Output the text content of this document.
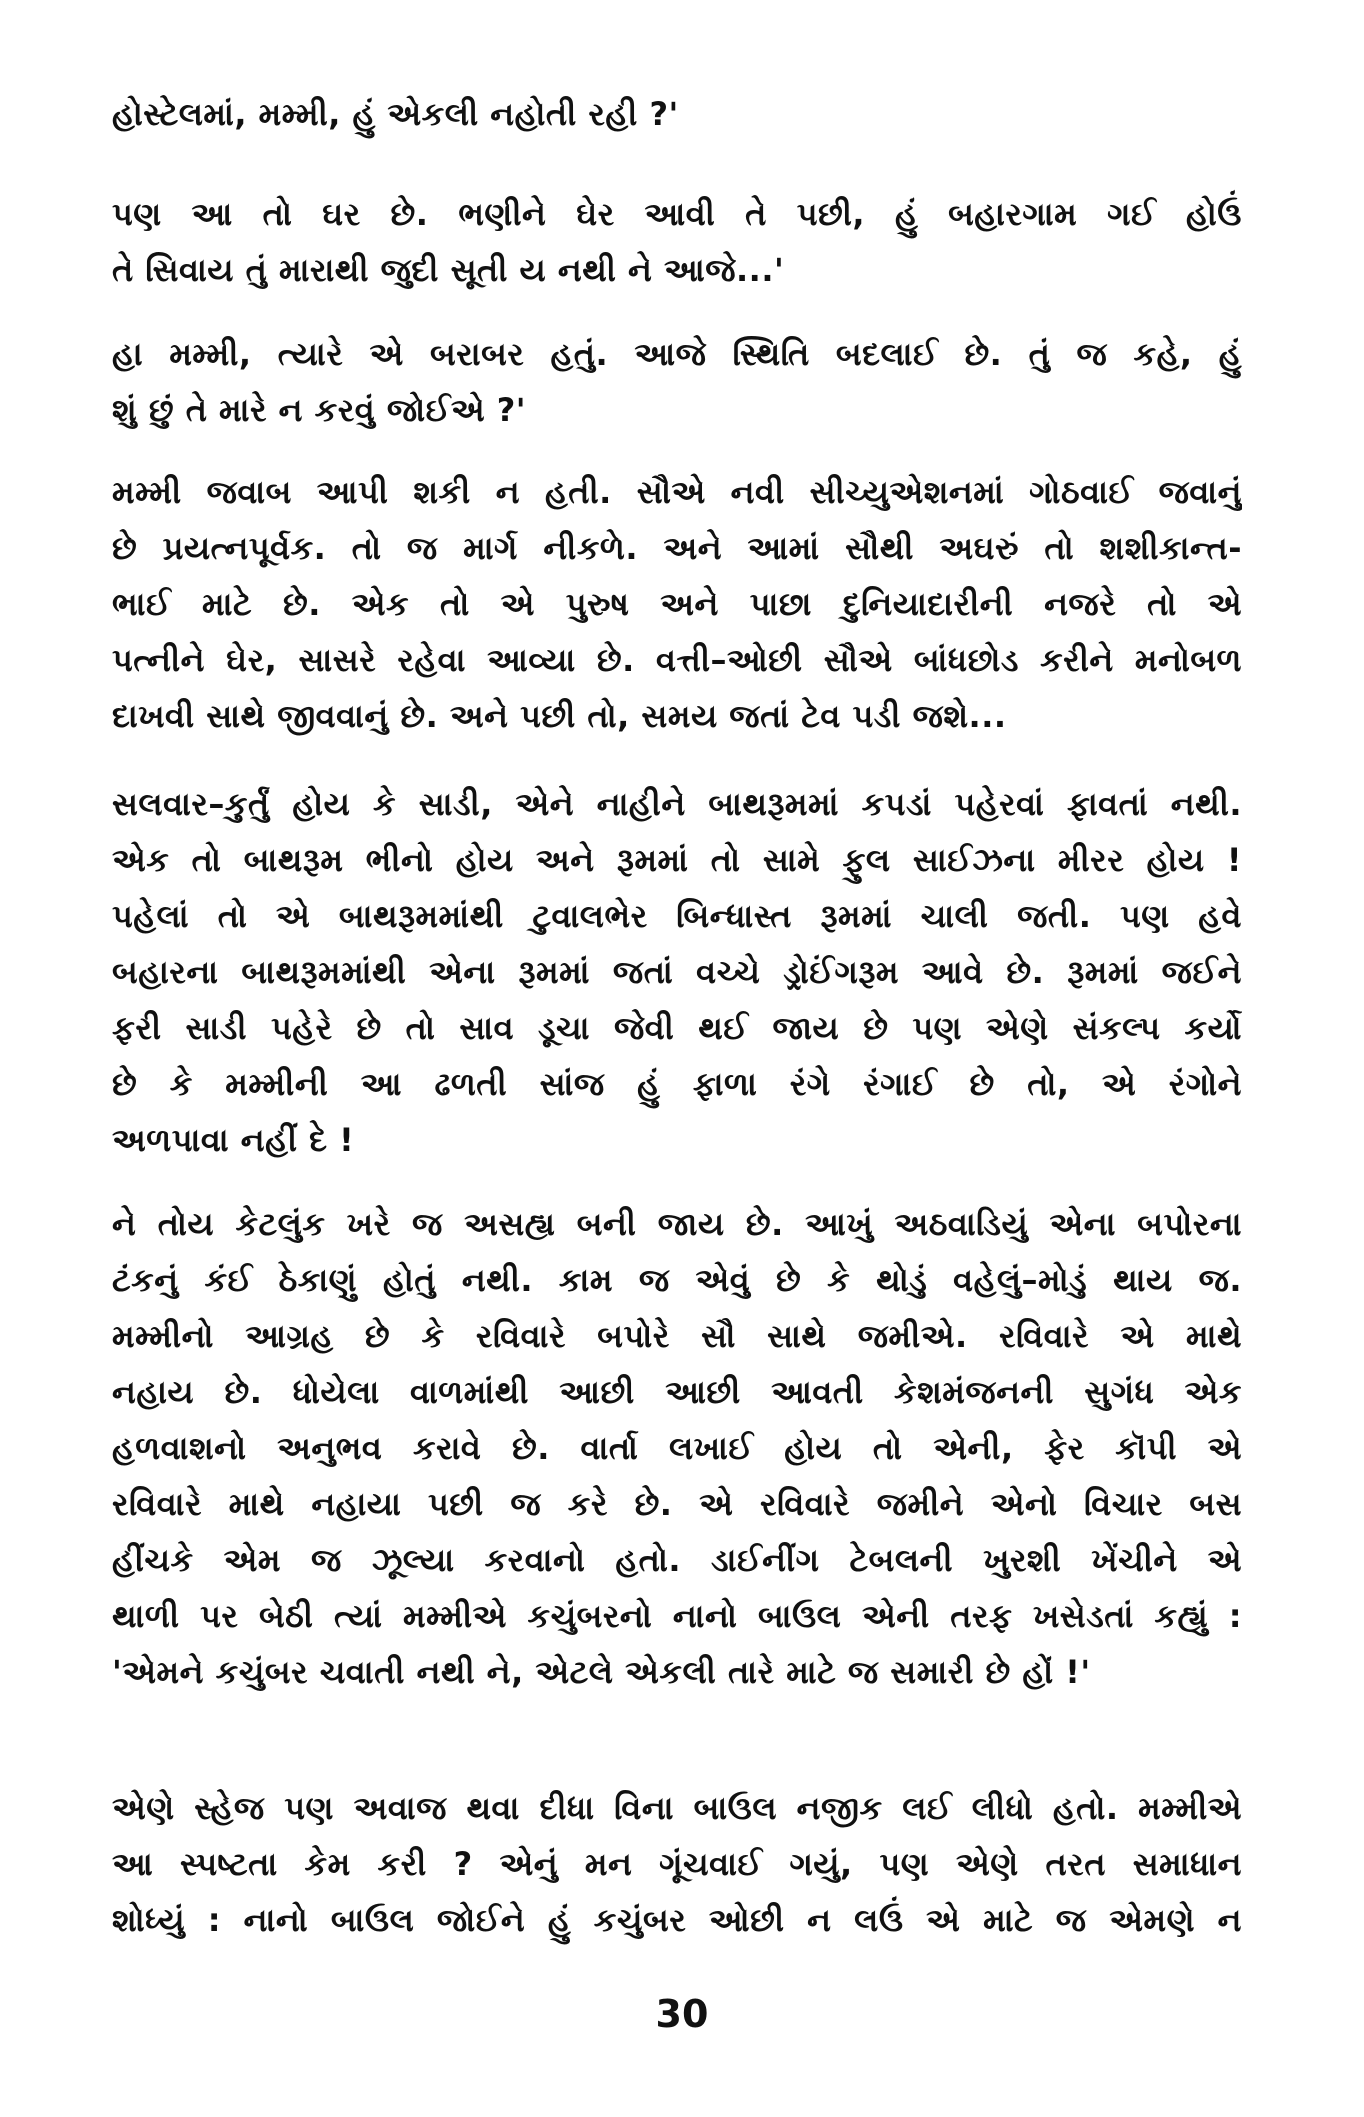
હોસ્ટેલમાં, મમ્મી, હું એકલી નહોતી રહી ?'
પણ આ તો ઘર છે. ભણીને ઘેર આવી તે પછી, હું બહારગામ ગઈ હોઉં
તે સિવાય તું મારાથી જુદી સૂતી ય નથી ને આજે...'
હા મમ્મી, ત્યારે એ બરાબર હતું. આજે સ્થિતિ બદલાઈ છે. તું જ કહે, હું
શું છું તે મારે ન કરવું જોઈએ ?'
મમ્મી જવાબ આપી શકી ન હતી. સૌએ નવી સીચ્યુએશનમાં ગોઠવાઈ જવાનું
છે પ્રયત્નપૂર્વક. તો જ માર્ગ નીકળે. અને આમાં સૌથી અઘરું તો શશીકાન્ત-
ભાઈ માટે છે. એક તો એ પુરુષ અને પાછા દુનિયાદારીની નજરે તો એ
પત્નીને ઘેર, સાસરે રહેવા આવ્યા છે. વત્તી–ઓછી સૌએ બાંધછોડ કરીને મનોબળ
દાખવી સાથે જીવવાનું છે. અને પછી તો, સમય જતાં ટેવ પડી જશે...
સલવાર–કુર્તું હોય કે સાડી, એને નાહીને બાથરૂમમાં કપડાં પહેરવાં ફાવતાં નથી.
એક તો બાથરૂમ ભીનો હોય અને રૂમમાં તો સામે ફુલ સાઈઝના મીરર હોય !
પહેલાં તો એ બાથરૂમમાંથી ટુવાલભેર બિન્ધાસ્ત રૂમમાં ચાલી જતી. પણ હવે
બહારના બાથરૂમમાંથી એના રૂમમાં જતાં વચ્ચે ડ્રોઈંગરૂમ આવે છે. રૂમમાં જઈને
ફરી સાડી પહેરે છે તો સાવ ડૂચા જેવી થઈ જાય છે પણ એણે સંકલ્પ કર્યો
છે કે મમ્મીની આ ઢળતી સાંજ હું ફાળા રંગે રંગાઈ છે તો, એ રંગોને
અળપાવા નહીં દે !
ને તોય કેટલુંક ખરે જ અસહ્ય બની જાય છે. આખું અઠવાડિયું એના બપોરના
ટંકનું કંઈ ઠેકાણું હોતું નથી. કામ જ એવું છે કે થોડું વહેલું–મોડું થાય જ.
મમ્મીનો આગ્રહ છે કે રવિવારે બપોરે સૌ સાથે જમીએ. રવિવારે એ માથે
નહાય છે. ધોયેલા વાળમાંથી આછી આછી આવતી કેશમંજનની સુગંધ એક
હળવાશનો અનુભવ કરાવે છે. વાર્તા લખાઈ હોય તો એની, ફેર કૉપી એ
રવિવારે માથે નહાયા પછી જ કરે છે. એ રવિવારે જમીને એનો વિચાર બસ
હીંચકે એમ જ ઝૂલ્યા કરવાનો હતો. ડાઈનીંગ ટેબલની ખુરશી ખેંચીને એ
થાળી પર બેઠી ત્યાં મમ્મીએ કચુંબરનો નાનો બાઉલ એની તરફ ખસેડતાં કહ્યું :
'એમને કચુંબર ચવાતી નથી ને, એટલે એકલી તારે માટે જ સમારી છે હોં !'
એણે સ્હેજ પણ અવાજ થવા દીધા વિના બાઉલ નજીક લઈ લીધો હતો. મમ્મીએ
આ સ્પષ્ટતા કેમ કરી ? એનું મન ગૂંચવાઈ ગયું, પણ એણે તરત સમાધાન
શોધ્યું : નાનો બાઉલ જોઈને હું કચુંબર ઓછી ન લઉં એ માટે જ એમણે ન
30
